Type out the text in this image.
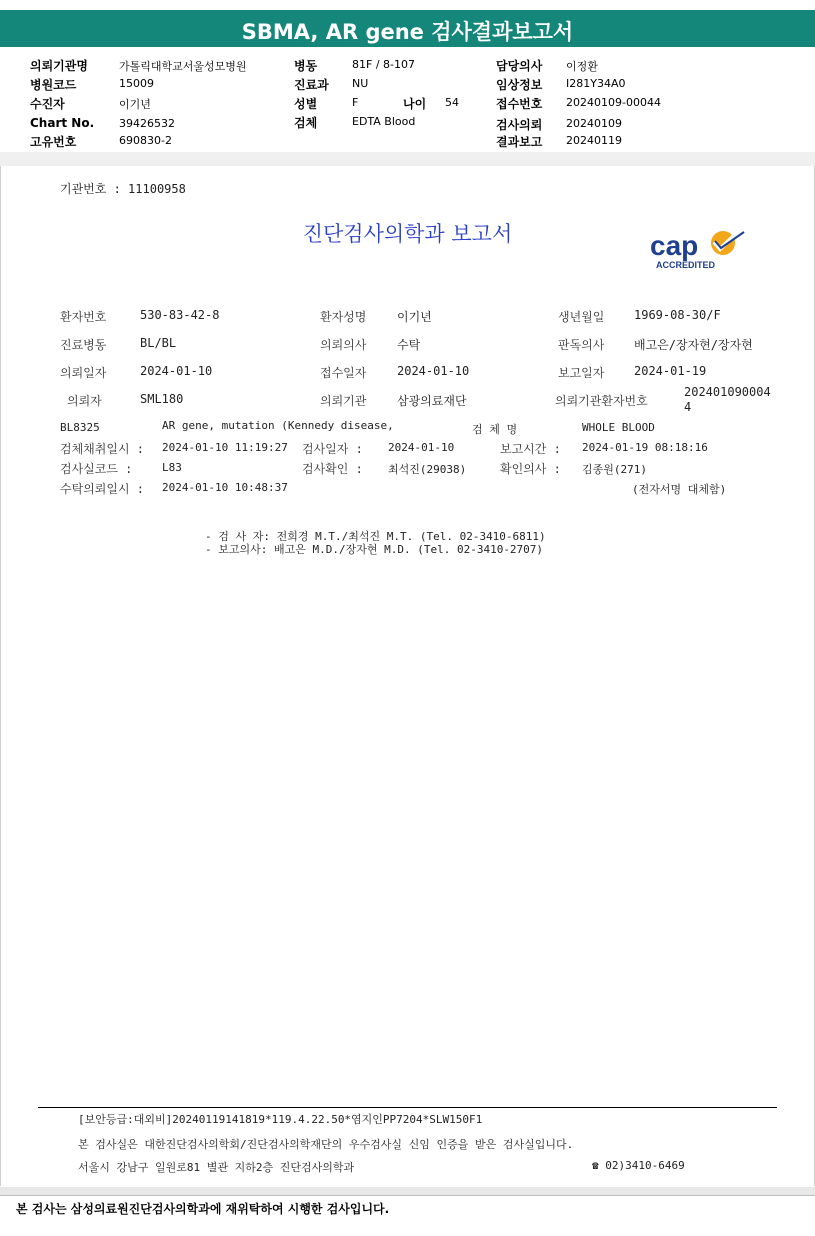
SBMA, AR gene 검사결과보고서
의뢰기관명	가톨릭대학교서울성모병원
병원코드	15009
수진자	이기년
Chart No. 39426532
고유번호	690830-2
병동	81F / 8-107
진료과 NU
성별	F	나이 54
검체	EDTA Blood
담당의사 이정환
임상정보 I281Y34A0
접수번호 20240109-00044
검사의뢰 20240109
결과보고 20240119
기관번호 : 11100958
진단검사의학과 보고서	cap
ACCREDITED
환자번호	530-83-42-8	환자성명	이기년	생년월일 1969-08-30/F
진료병동	BL/BL	의뢰의사	수탁	판독의사 배고은/장자현/장자현
의뢰일자	2024-01-10	접수일자	2024-01-10	보고일자 2024-01-19
의뢰자	SML180	의뢰기관	삼광의료재단	의뢰기관환자번호
202401090004
4
BL8325	AR gene, mutation (Kennedy disease,	검 체 명	WHOLE BLOOD
검체채취일시 : 2024-01-10 11:19:27 검사일자 : 2024-01-10	보고시간 : 2024-01-19 08:18:16
검사실코드 :	L83	검사확인 : 최석진(29038)	확인의사 : 김종원(271)
수탁의뢰일시 : 2024-01-10 10:48:37	(전자서명 대체함)
- 검 사 자: 전희경 M.T./최석진 M.T. (Tel. 02-3410-6811)
- 보고의사: 배고은 M.D./장자현 M.D. (Tel. 02-3410-2707)
[보안등급:대외비]20240119141819*119.4.22.50*염지인PP7204*SLW150F1
본 검사실은 대한진단검사의학회/진단검사의학재단의 우수검사실 신임 인증을 받은 검사실입니다.
서울시 강남구 일원로81 별관 지하2층 진단검사의학과	☎ 02)3410-6469
본 검사는 삼성의료원진단검사의학과에 재위탁하여 시행한 검사입니다.
